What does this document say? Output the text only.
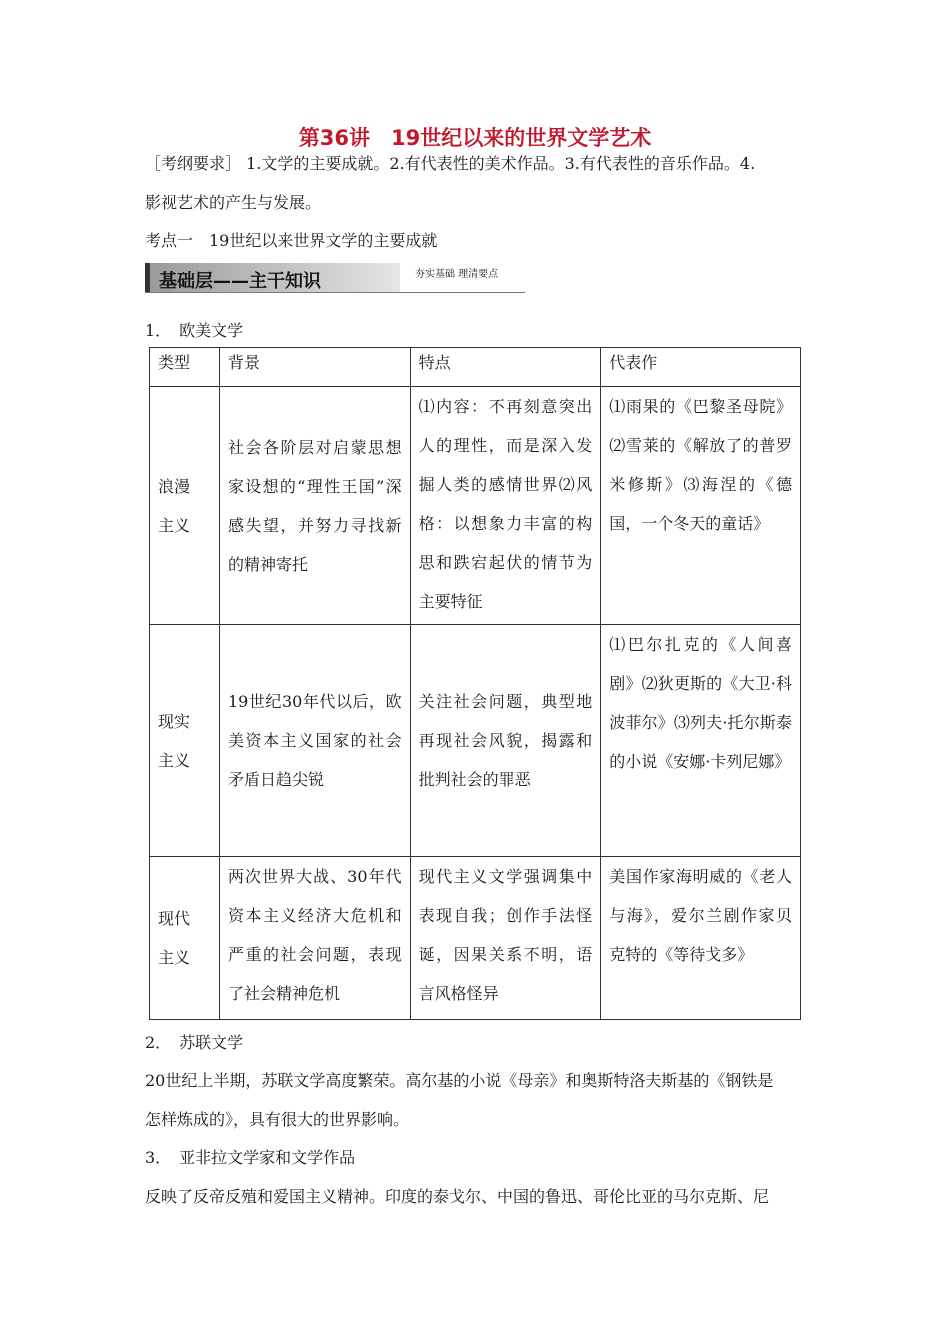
第36讲　19世纪以来的世界文学艺术
［考纲要求］ 1.文学的主要成就。2.有代表性的美术作品。3.有代表性的音乐作品。4.
影视艺术的产生与发展。
考点一　19世纪以来世界文学的主要成就
基础层——主干知识	夯实基础 理清要点
1．　欧美文学
类型	背景	特点	代表作
浪漫主义	社会各阶层对启蒙思想家设想的“理性王国”深感失望，并努力寻找新的精神寄托	⑴内容：不再刻意突出人的理性，而是深入发掘人类的感情世界⑵风格：以想象力丰富的构思和跌宕起伏的情节为主要特征	⑴雨果的《巴黎圣母院》⑵雪莱的《解放了的普罗米修斯》⑶海涅的《德国，一个冬天的童话》
现实主义	19世纪30年代以后，欧美资本主义国家的社会矛盾日趋尖锐	关注社会问题，典型地再现社会风貌，揭露和批判社会的罪恶	⑴巴尔扎克的《人间喜剧》⑵狄更斯的《大卫·科波菲尔》⑶列夫·托尔斯泰的小说《安娜·卡列尼娜》
现代主义	两次世界大战、30年代资本主义经济大危机和严重的社会问题，表现了社会精神危机	现代主义文学强调集中表现自我；创作手法怪诞，因果关系不明，语言风格怪异	美国作家海明威的《老人与海》，爱尔兰剧作家贝克特的《等待戈多》
2．　苏联文学
20世纪上半期，苏联文学高度繁荣。高尔基的小说《母亲》和奥斯特洛夫斯基的《钢铁是
怎样炼成的》，具有很大的世界影响。
3．　亚非拉文学家和文学作品
反映了反帝反殖和爱国主义精神。印度的泰戈尔、中国的鲁迅、哥伦比亚的马尔克斯、尼
